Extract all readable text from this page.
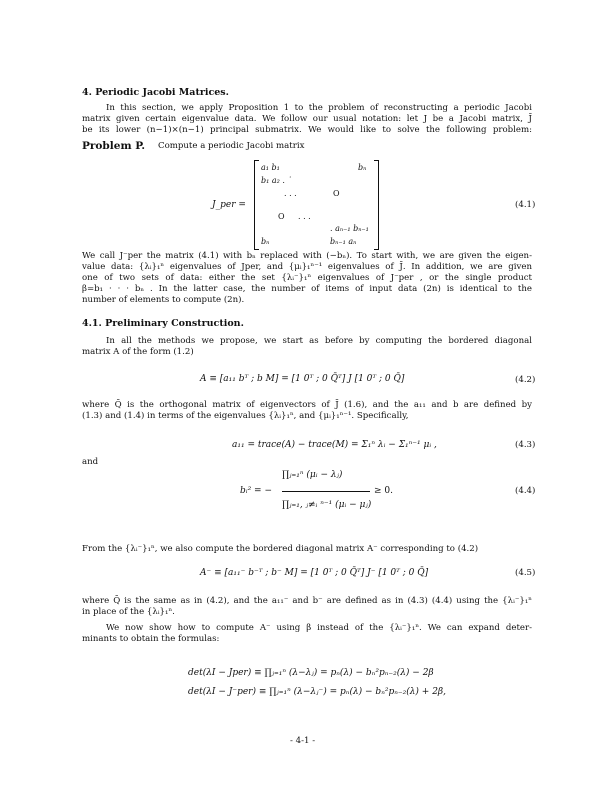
4. Periodic Jacobi Matrices.
In this section, we apply Proposition 1 to the problem of reconstructing a periodic Jacobi
matrix given certain eigenvalue data. We follow our usual notation: let J be a Jacobi matrix, J̄
be its lower (n−1)×(n−1) principal submatrix. We would like to solve the following problem:
Problem P. Compute a periodic Jacobi matrix
J_per =
a₁ b₁	bₙ
b₁ a₂ . ˙
. . .	O
O . . .
. aₙ₋₁ bₙ₋₁
bₙ	bₙ₋₁ aₙ
(4.1)
We call J⁻per the matrix (4.1) with bₙ replaced with (−bₙ). To start with, we are given the eigen-
value data: {λᵢ}₁ⁿ eigenvalues of Jper, and {μᵢ}₁ⁿ⁻¹ eigenvalues of J̄. In addition, we are given
one of two sets of data: either the set {λᵢ⁻}₁ⁿ eigenvalues of J⁻per , or the single product
β=b₁ · · · bₙ . In the latter case, the number of items of input data (2n) is identical to the
number of elements to compute (2n).
4.1. Preliminary Construction.
In all the methods we propose, we start as before by computing the bordered diagonal
matrix A of the form (1.2)
A ≡ [a₁₁ bᵀ ; b M] = [1 0ᵀ ; 0 Q̄ᵀ] J [1 0ᵀ ; 0 Q̄]	(4.2)
where Q̄ is the orthogonal matrix of eigenvectors of J̄ (1.6), and the a₁₁ and b are defined by
(1.3) and (1.4) in terms of the eigenvalues {λᵢ}₁ⁿ, and {μᵢ}₁ⁿ⁻¹. Specifically,
a₁₁ = trace(A) − trace(M) = Σ₁ⁿ λᵢ − Σ₁ⁿ⁻¹ μᵢ ,	(4.3)
and
bᵢ² = −
∏ⱼ₌₁ⁿ (μᵢ − λⱼ)
∏ⱼ₌₁, ⱼ≠ᵢ ⁿ⁻¹ (μᵢ − μⱼ)
≥ 0.	(4.4)
From the {λᵢ⁻}₁ⁿ, we also compute the bordered diagonal matrix A⁻ corresponding to (4.2)
A⁻ ≡ [a₁₁⁻ b⁻ᵀ ; b⁻ M] = [1 0ᵀ ; 0 Q̄ᵀ] J⁻ [1 0ᵀ ; 0 Q̄]	(4.5)
where Q̄ is the same as in (4.2), and the a₁₁⁻ and b⁻ are defined as in (4.3) (4.4) using the {λᵢ⁻}₁ⁿ
in place of the {λᵢ}₁ⁿ.
We now show how to compute A⁻ using β instead of the {λᵢ⁻}₁ⁿ. We can expand deter-
minants to obtain the formulas:
det(λI − Jper) ≡ ∏ⱼ₌₁ⁿ (λ−λⱼ) = pₙ(λ) − bₙ²pₙ₋₂(λ) − 2β
det(λI − J⁻per) ≡ ∏ⱼ₌₁ⁿ (λ−λⱼ⁻) = pₙ(λ) − bₙ²pₙ₋₂(λ) + 2β,
- 4-1 -
